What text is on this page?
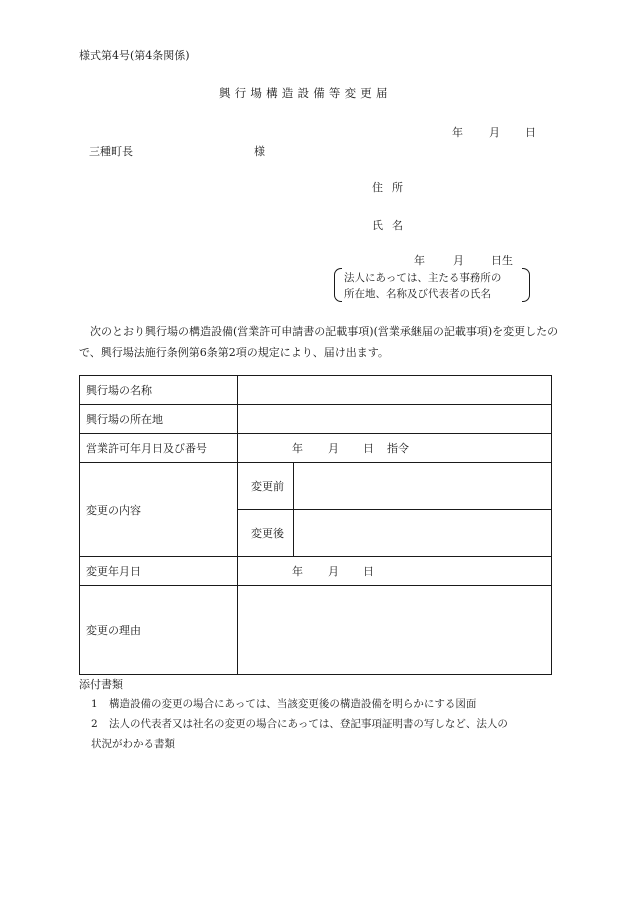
様式第4号(第4条関係)
興行場構造設備等変更届
年 月 日
三種町長	様
住所
氏名
年	月 日生
法人にあっては、主たる事務所の
所在地、名称及び代表者の氏名
次のとおり興行場の構造設備(営業許可申請書の記載事項)(営業承継届の記載事項)を変更したので、興行場法施行条例第6条第2項の規定により、届け出ます。
興行場の名称		
興行場の所在地		
営業許可年月日及び番号	年 月 日 指令	

変更の内容	変更前	
	変更後	
変更年月日	年 月 日	

変更の理由		
添付書類
1 構造設備の変更の場合にあっては、当該変更後の構造設備を明らかにする図面
2 法人の代表者又は社名の変更の場合にあっては、登記事項証明書の写しなど、法人の
状況がわかる書類
